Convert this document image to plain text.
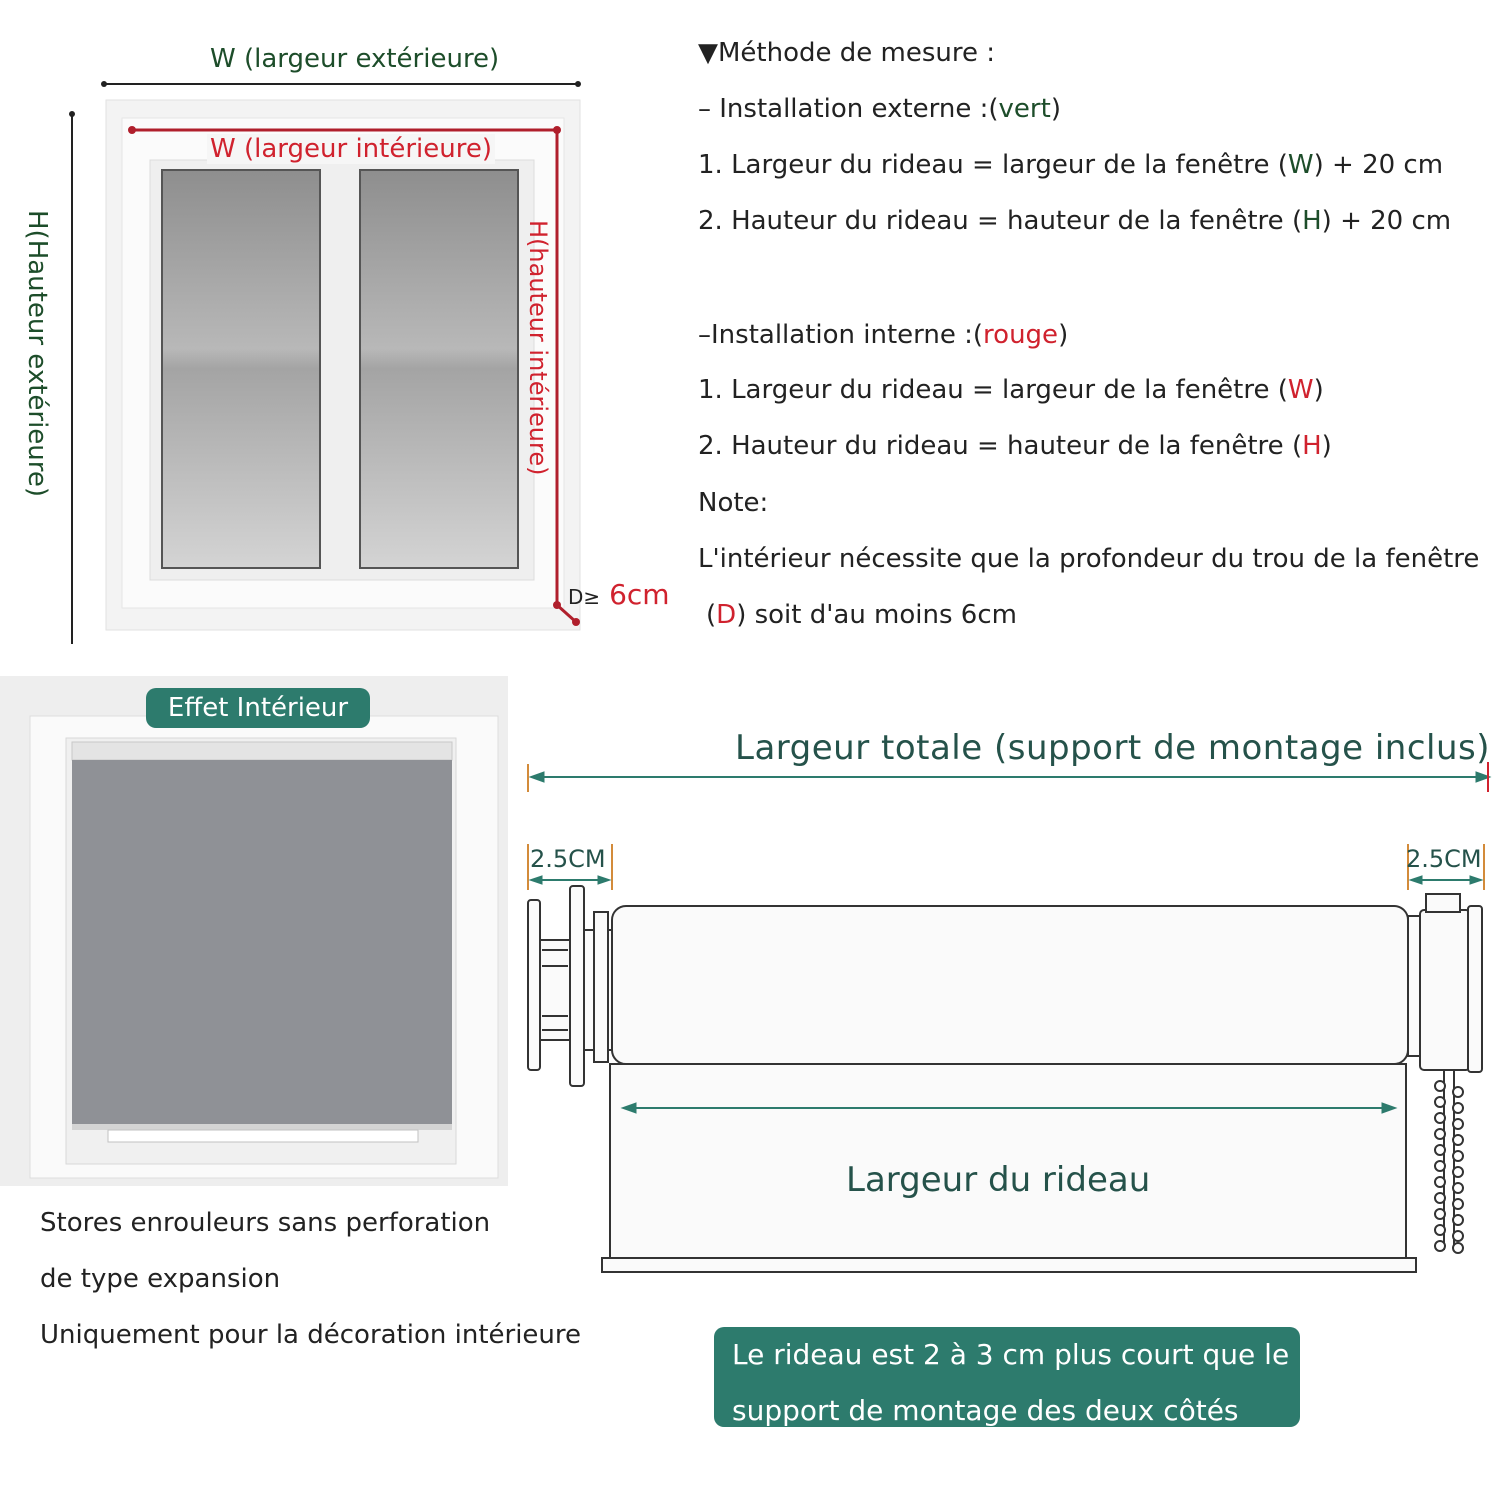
W (largeur extérieure)
H(Hauteur extérieure)
W (largeur intérieure)
H(hauteur intérieure)
D≥ 6cm
▼Méthode de mesure :
– Installation externe :(vert)
1. Largeur du rideau = largeur de la fenêtre (W) + 20 cm
2. Hauteur du rideau = hauteur de la fenêtre (H) + 20 cm
–Installation interne :(rouge)
1. Largeur du rideau = largeur de la fenêtre (W)
2. Hauteur du rideau = hauteur de la fenêtre (H)
Note:
L'intérieur nécessite que la profondeur du trou de la fenêtre
(D) soit d'au moins 6cm
Effet Intérieur
Stores enrouleurs sans perforation
de type expansion
Uniquement pour la décoration intérieure
Largeur totale (support de montage inclus)
2.5CM	2.5CM
Largeur du rideau
Le rideau est 2 à 3 cm plus court que le
support de montage des deux côtés
